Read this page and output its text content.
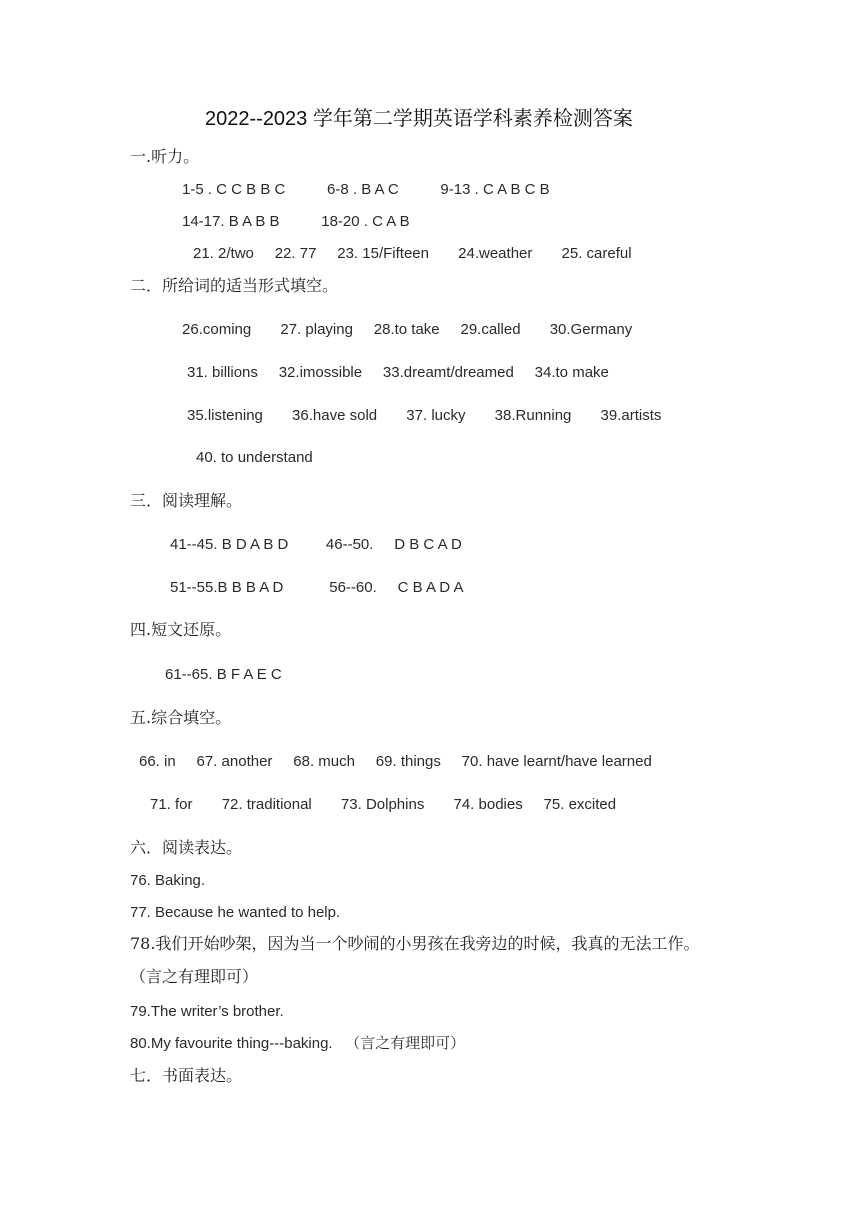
2022--2023 学年第二学期英语学科素养检测答案
一.听力。
1-5 . C C B B C          6-8 . B A C          9-13 . C A B C B
14-17. B A B B          18-20 . C A B
21. 2/two     22. 77     23. 15/Fifteen       24.weather       25. careful
二．所给词的适当形式填空。
26.coming       27. playing     28.to take     29.called       30.Germany
31. billions     32.imossible     33.dreamt/dreamed     34.to make
35.listening       36.have sold       37. lucky       38.Running       39.artists
40. to understand
三．阅读理解。
41--45. B D A B D         46--50.     D B C A D
51--55.B B B A D           56--60.     C B A D A
四.短文还原。
61--65. B F A E C
五.综合填空。
66. in     67. another     68. much     69. things     70. have learnt/have learned
71. for       72. traditional       73. Dolphins       74. bodies     75. excited
六．阅读表达。
76. Baking.
77. Because he wanted to help.
78.我们开始吵架，因为当一个吵闹的小男孩在我旁边的时候，我真的无法工作。
（言之有理即可）
79.The writer’s brother.
80.My favourite thing---baking.   （言之有理即可）
七．书面表达。
